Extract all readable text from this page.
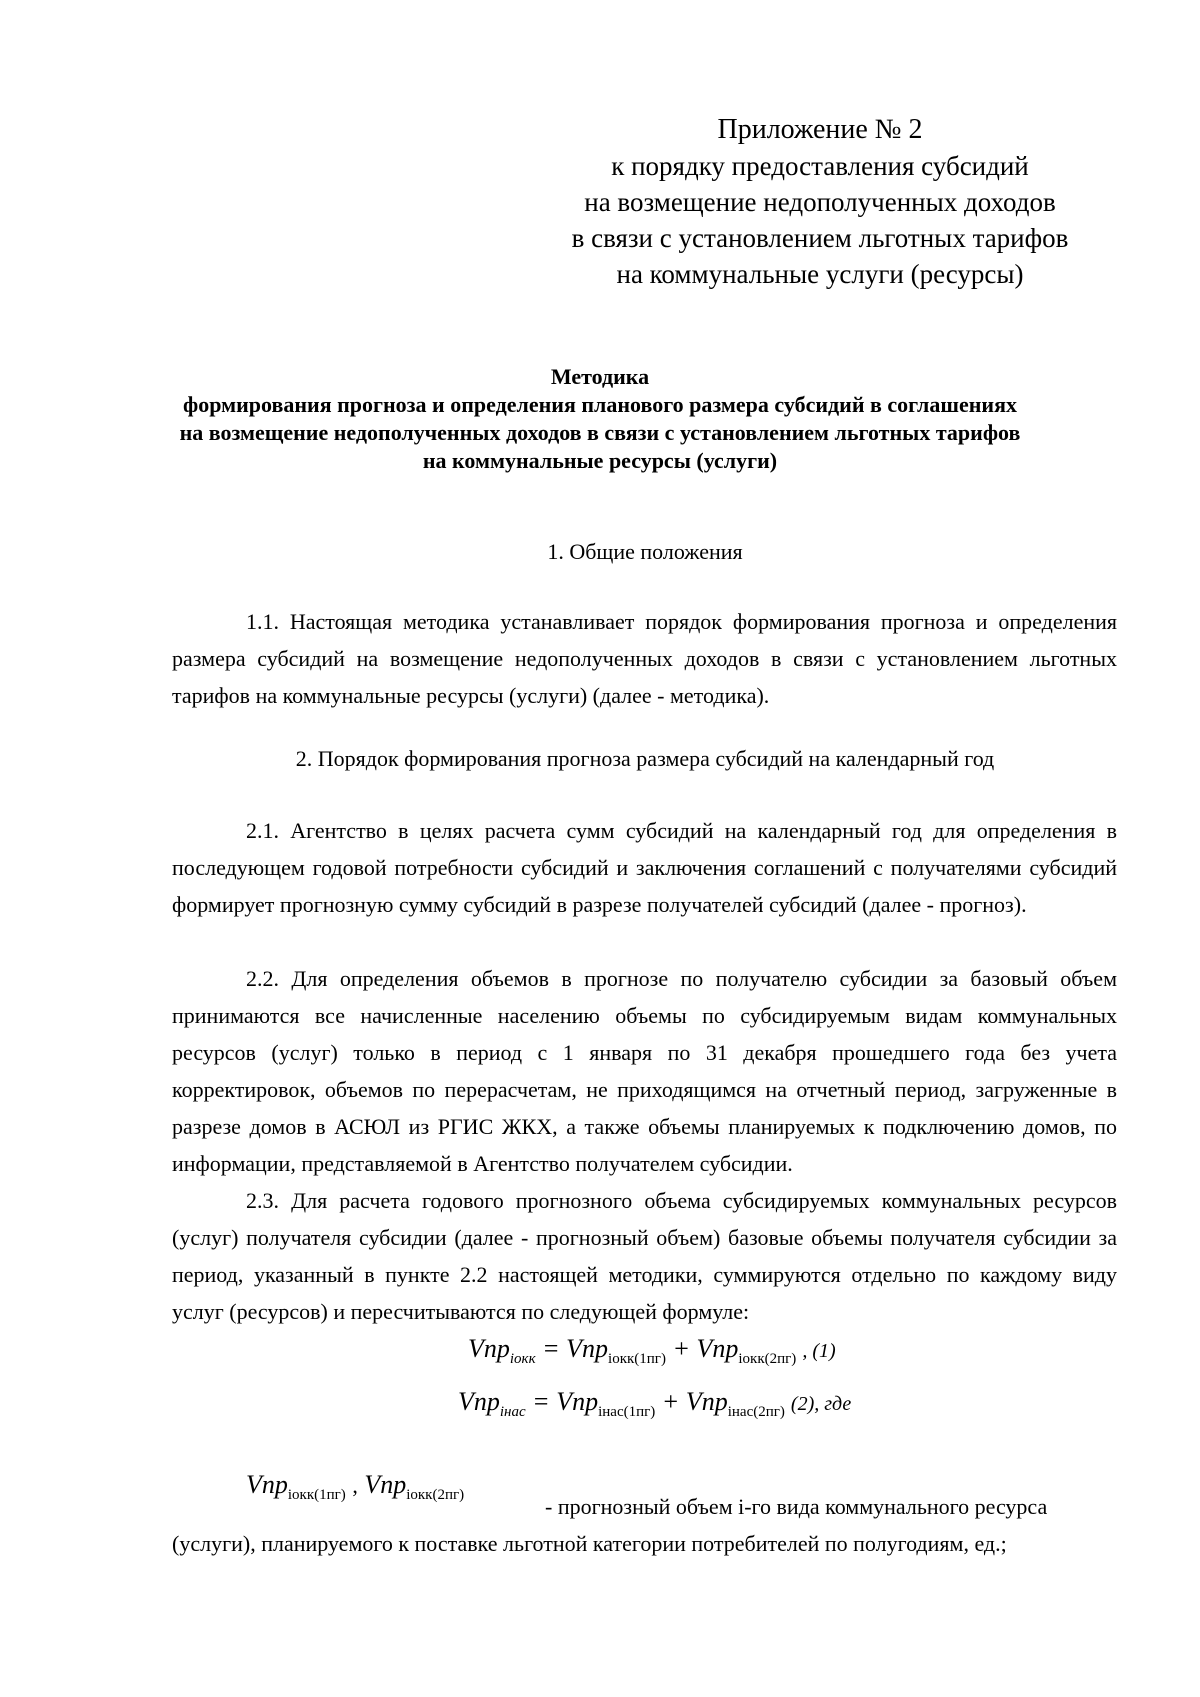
Приложение № 2
к порядку предоставления субсидий
на возмещение недополученных доходов
в связи с установлением льготных тарифов
на коммунальные услуги (ресурсы)
Методика
формирования прогноза и определения планового размера субсидий в соглашениях
на возмещение недополученных доходов в связи с установлением льготных тарифов
на коммунальные ресурсы (услуги)
1. Общие положения
1.1. Настоящая методика устанавливает порядок формирования прогноза и определения размера субсидий на возмещение недополученных доходов в связи с установлением льготных тарифов на коммунальные ресурсы (услуги) (далее - методика).
2. Порядок формирования прогноза размера субсидий на календарный год
2.1. Агентство в целях расчета сумм субсидий на календарный год для определения в последующем годовой потребности субсидий и заключения соглашений с получателями субсидий формирует прогнозную сумму субсидий в разрезе получателей субсидий (далее - прогноз).
2.2. Для определения объемов в прогнозе по получателю субсидии за базовый объем принимаются все начисленные населению объемы по субсидируемым видам коммунальных ресурсов (услуг) только в период с 1 января по 31 декабря прошедшего года без учета корректировок, объемов по перерасчетам, не приходящимся на отчетный период, загруженные в разрезе домов в АСЮЛ из РГИС ЖКХ, а также объемы планируемых к подключению домов, по информации, представляемой в Агентство получателем субсидии.
2.3. Для расчета годового прогнозного объема субсидируемых коммунальных ресурсов (услуг) получателя субсидии (далее - прогнозный объем) базовые объемы получателя субсидии за период, указанный в пункте 2.2 настоящей методики, суммируются отдельно по каждому виду услуг (ресурсов) и пересчитываются по следующей формуле:
Vnp$_{iокк}$ = Vnp$_{iокк(1пг)}$ + Vnp$_{iокк(2пг)}$ , (1)
Vnp$_{iнас}$ = Vnp$_{iнас(1пг)}$ + Vnp$_{iнас(2пг)}$ (2), где
Vnp$_{iокк(1пг)}$ , Vnp$_{iокк(2пг)}$	- прогнозный объем i-го вида коммунального ресурса
(услуги), планируемого к поставке льготной категории потребителей по полугодиям, ед.;
